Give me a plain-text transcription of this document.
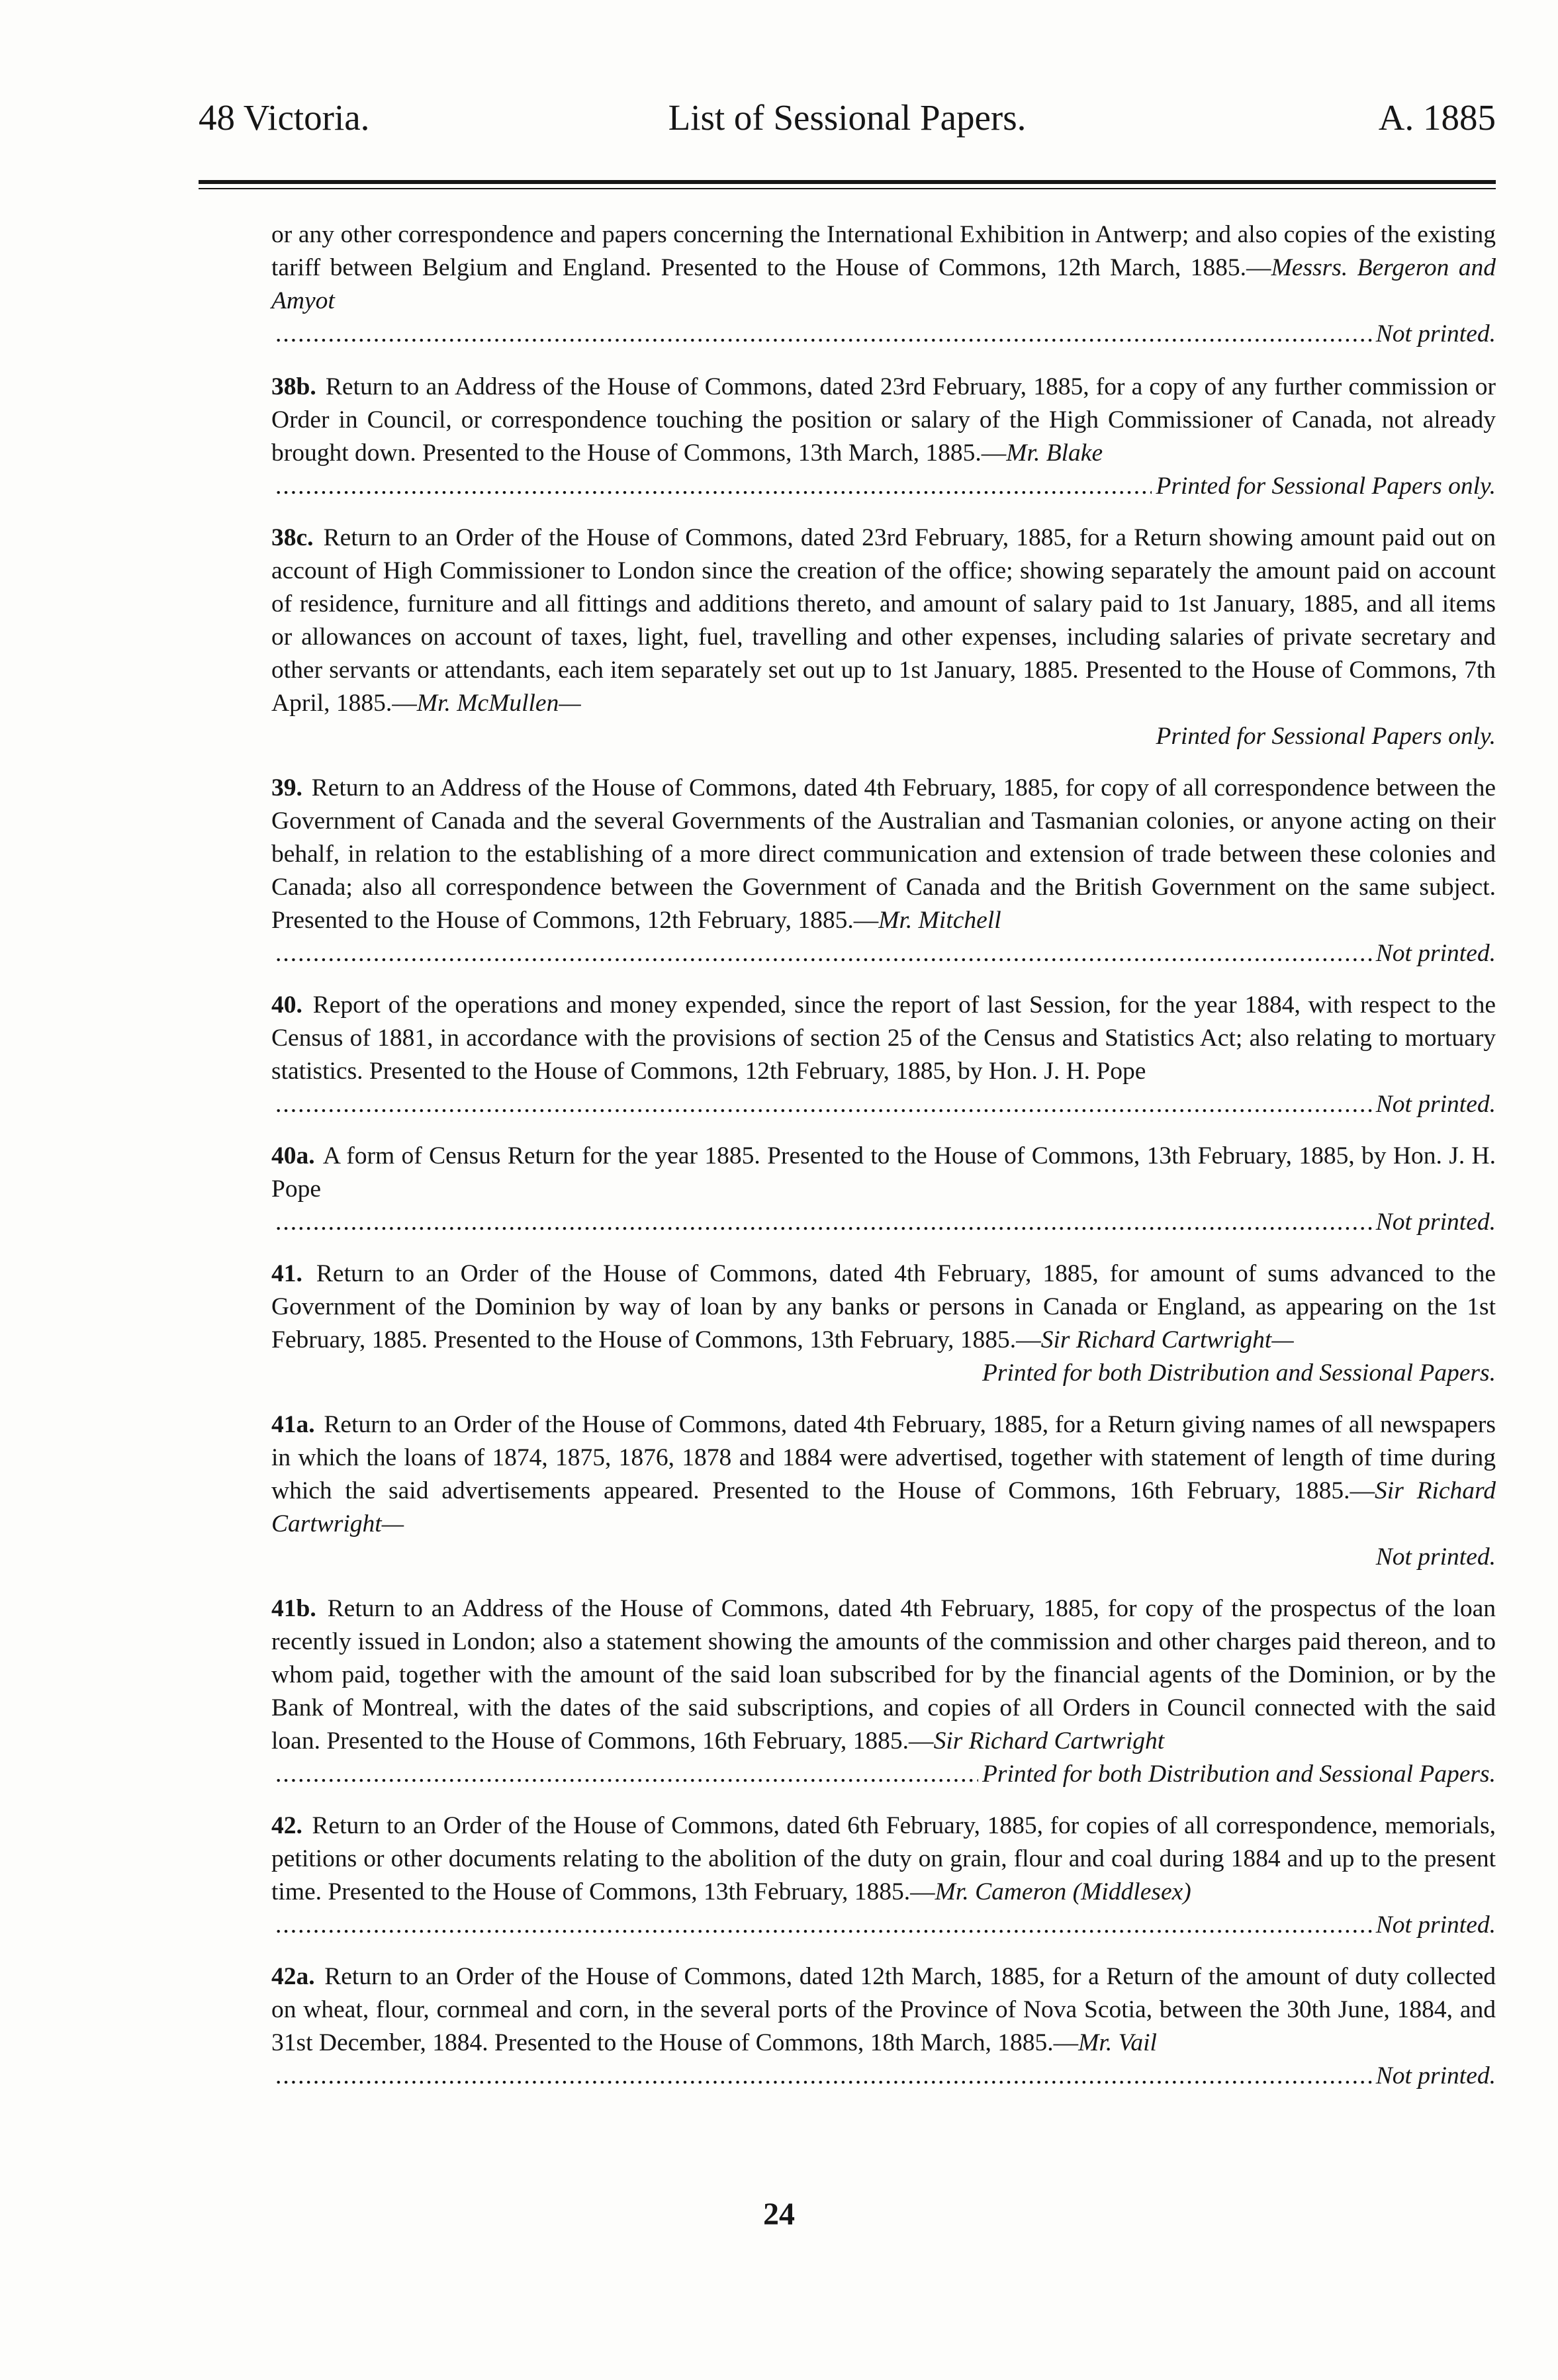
48 Victoria.	List of Sessional Papers.	A. 1885

or any other correspondence and papers concerning the International Exhibition in Antwerp; and also copies of the existing tariff between Belgium and England. Presented to the House of Commons, 12th March, 1885.—Messrs. Bergeron and Amyot

.....
Not printed.

38b. Return to an Address of the House of Commons, dated 23rd February, 1885, for a copy of any further commission or Order in Council, or correspondence touching the position or salary of the High Commissioner of Canada, not already brought down. Presented to the House of Commons, 13th March, 1885.—Mr. Blake

.....
Printed for Sessional Papers only.

38c. Return to an Order of the House of Commons, dated 23rd February, 1885, for a Return showing amount paid out on account of High Commissioner to London since the creation of the office; showing separately the amount paid on account of residence, furniture and all fittings and additions thereto, and amount of salary paid to 1st January, 1885, and all items or allowances on account of taxes, light, fuel, travelling and other expenses, including salaries of private secretary and other servants or attendants, each item separately set out up to 1st January, 1885. Presented to the House of Commons, 7th April, 1885.—Mr. McMullen—

Printed for Sessional Papers only.

39. Return to an Address of the House of Commons, dated 4th February, 1885, for copy of all correspondence between the Government of Canada and the several Governments of the Australian and Tasmanian colonies, or anyone acting on their behalf, in relation to the establishing of a more direct communication and extension of trade between these colonies and Canada; also all correspondence between the Government of Canada and the British Government on the same subject. Presented to the House of Commons, 12th February, 1885.—Mr. Mitchell

.....
Not printed.

40. Report of the operations and money expended, since the report of last Session, for the year 1884, with respect to the Census of 1881, in accordance with the provisions of section 25 of the Census and Statistics Act; also relating to mortuary statistics. Presented to the House of Commons, 12th February, 1885, by Hon. J. H. Pope

.....
Not printed.

40a. A form of Census Return for the year 1885. Presented to the House of Commons, 13th February, 1885, by Hon. J. H. Pope

.....
Not printed.

41. Return to an Order of the House of Commons, dated 4th February, 1885, for amount of sums advanced to the Government of the Dominion by way of loan by any banks or persons in Canada or England, as appearing on the 1st February, 1885. Presented to the House of Commons, 13th February, 1885.—Sir Richard Cartwright—

Printed for both Distribution and Sessional Papers.

41a. Return to an Order of the House of Commons, dated 4th February, 1885, for a Return giving names of all newspapers in which the loans of 1874, 1875, 1876, 1878 and 1884 were advertised, together with statement of length of time during which the said advertisements appeared. Presented to the House of Commons, 16th February, 1885.—Sir Richard Cartwright—

Not printed.

41b. Return to an Address of the House of Commons, dated 4th February, 1885, for copy of the prospectus of the loan recently issued in London; also a statement showing the amounts of the commission and other charges paid thereon, and to whom paid, together with the amount of the said loan subscribed for by the financial agents of the Dominion, or by the Bank of Montreal, with the dates of the said subscriptions, and copies of all Orders in Council connected with the said loan. Presented to the House of Commons, 16th February, 1885.—Sir Richard Cartwright

.....
Printed for both Distribution and Sessional Papers.

42. Return to an Order of the House of Commons, dated 6th February, 1885, for copies of all correspondence, memorials, petitions or other documents relating to the abolition of the duty on grain, flour and coal during 1884 and up to the present time. Presented to the House of Commons, 13th February, 1885.—Mr. Cameron (Middlesex)

.....
Not printed.

42a. Return to an Order of the House of Commons, dated 12th March, 1885, for a Return of the amount of duty collected on wheat, flour, cornmeal and corn, in the several ports of the Province of Nova Scotia, between the 30th June, 1884, and 31st December, 1884. Presented to the House of Commons, 18th March, 1885.—Mr. Vail

.....
Not printed.
24
